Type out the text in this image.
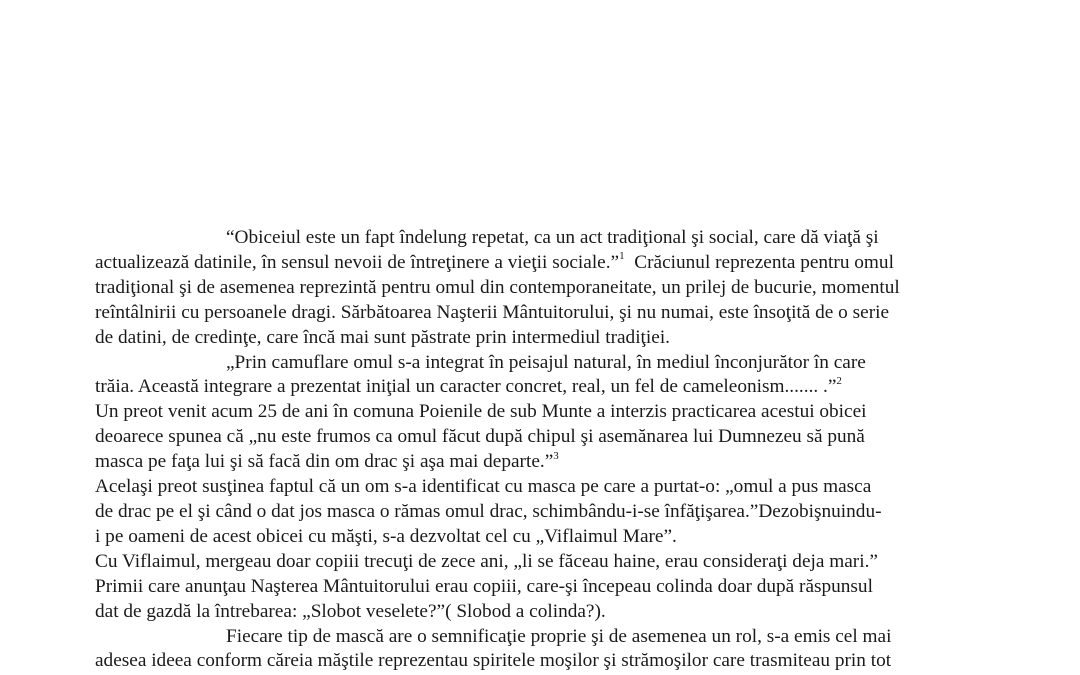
“Obiceiul este un fapt îndelung repetat, ca un act tradiţional şi social, care dă viaţă şi
actualizează datinile, în sensul nevoii de întreţinere a vieţii sociale.”$^1$  Crăciunul reprezenta pentru omul
tradiţional şi de asemenea reprezintă pentru omul din contemporaneitate, un prilej de bucurie, momentul
reîntâlnirii cu persoanele dragi. Sărbătoarea Naşterii Mântuitorului, şi nu numai, este însoţită de o serie
de datini, de credinţe, care încă mai sunt păstrate prin intermediul tradiţiei.
„Prin camuflare omul s-a integrat în peisajul natural, în mediul înconjurător în care
trăia. Această integrare a prezentat iniţial un caracter concret, real, un fel de cameleonism....... .”$^2$
Un preot venit acum 25 de ani în comuna Poienile de sub Munte a interzis practicarea acestui obicei
deoarece spunea că „nu este frumos ca omul făcut după chipul şi asemănarea lui Dumnezeu să pună
masca pe faţa lui şi să facă din om drac şi aşa mai departe.”$^3$
Acelaşi preot susţinea faptul că un om s-a identificat cu masca pe care a purtat-o: „omul a pus masca
de drac pe el şi când o dat jos masca o rămas omul drac, schimbându-i-se înfăţişarea.”Dezobişnuindu-
i pe oameni de acest obicei cu măşti, s-a dezvoltat cel cu „Viflaimul Mare”.
Cu Viflaimul, mergeau doar copiii trecuţi de zece ani, „li se făceau haine, erau consideraţi deja mari.”
Primii care anunţau Naşterea Mântuitorului erau copiii, care-şi începeau colinda doar după răspunsul
dat de gazdă la întrebarea: „Slobot veselete?”( Slobod a colinda?).
Fiecare tip de mască are o semnificaţie proprie şi de asemenea un rol, s-a emis cel mai
adesea ideea conform căreia măştile reprezentau spiritele moşilor şi strămoşilor care trasmiteau prin tot
